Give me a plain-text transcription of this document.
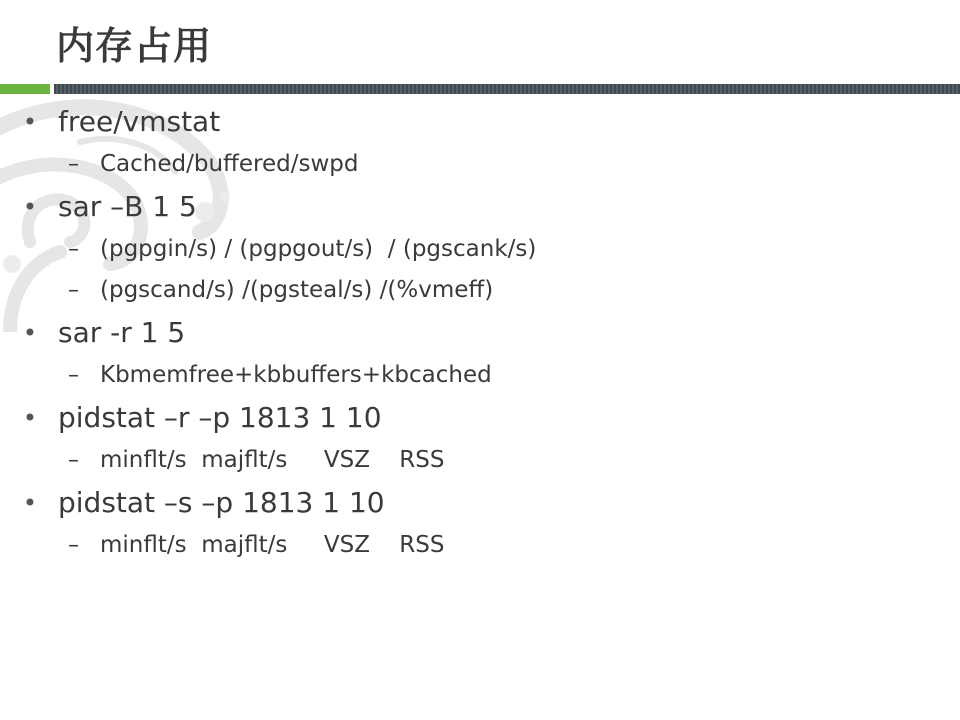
内存占用
• free/vmstat
– Cached/buffered/swpd
• sar –B 1 5
– (pgpgin/s) / (pgpgout/s)  / (pgscank/s)
– (pgscand/s) /(pgsteal/s) /(%vmeff)
• sar -r 1 5
– Kbmemfree+kbbuffers+kbcached
• pidstat –r –p 1813 1 10
– minflt/s  majflt/s     VSZ    RSS
• pidstat –s –p 1813 1 10
– minflt/s  majflt/s     VSZ    RSS
